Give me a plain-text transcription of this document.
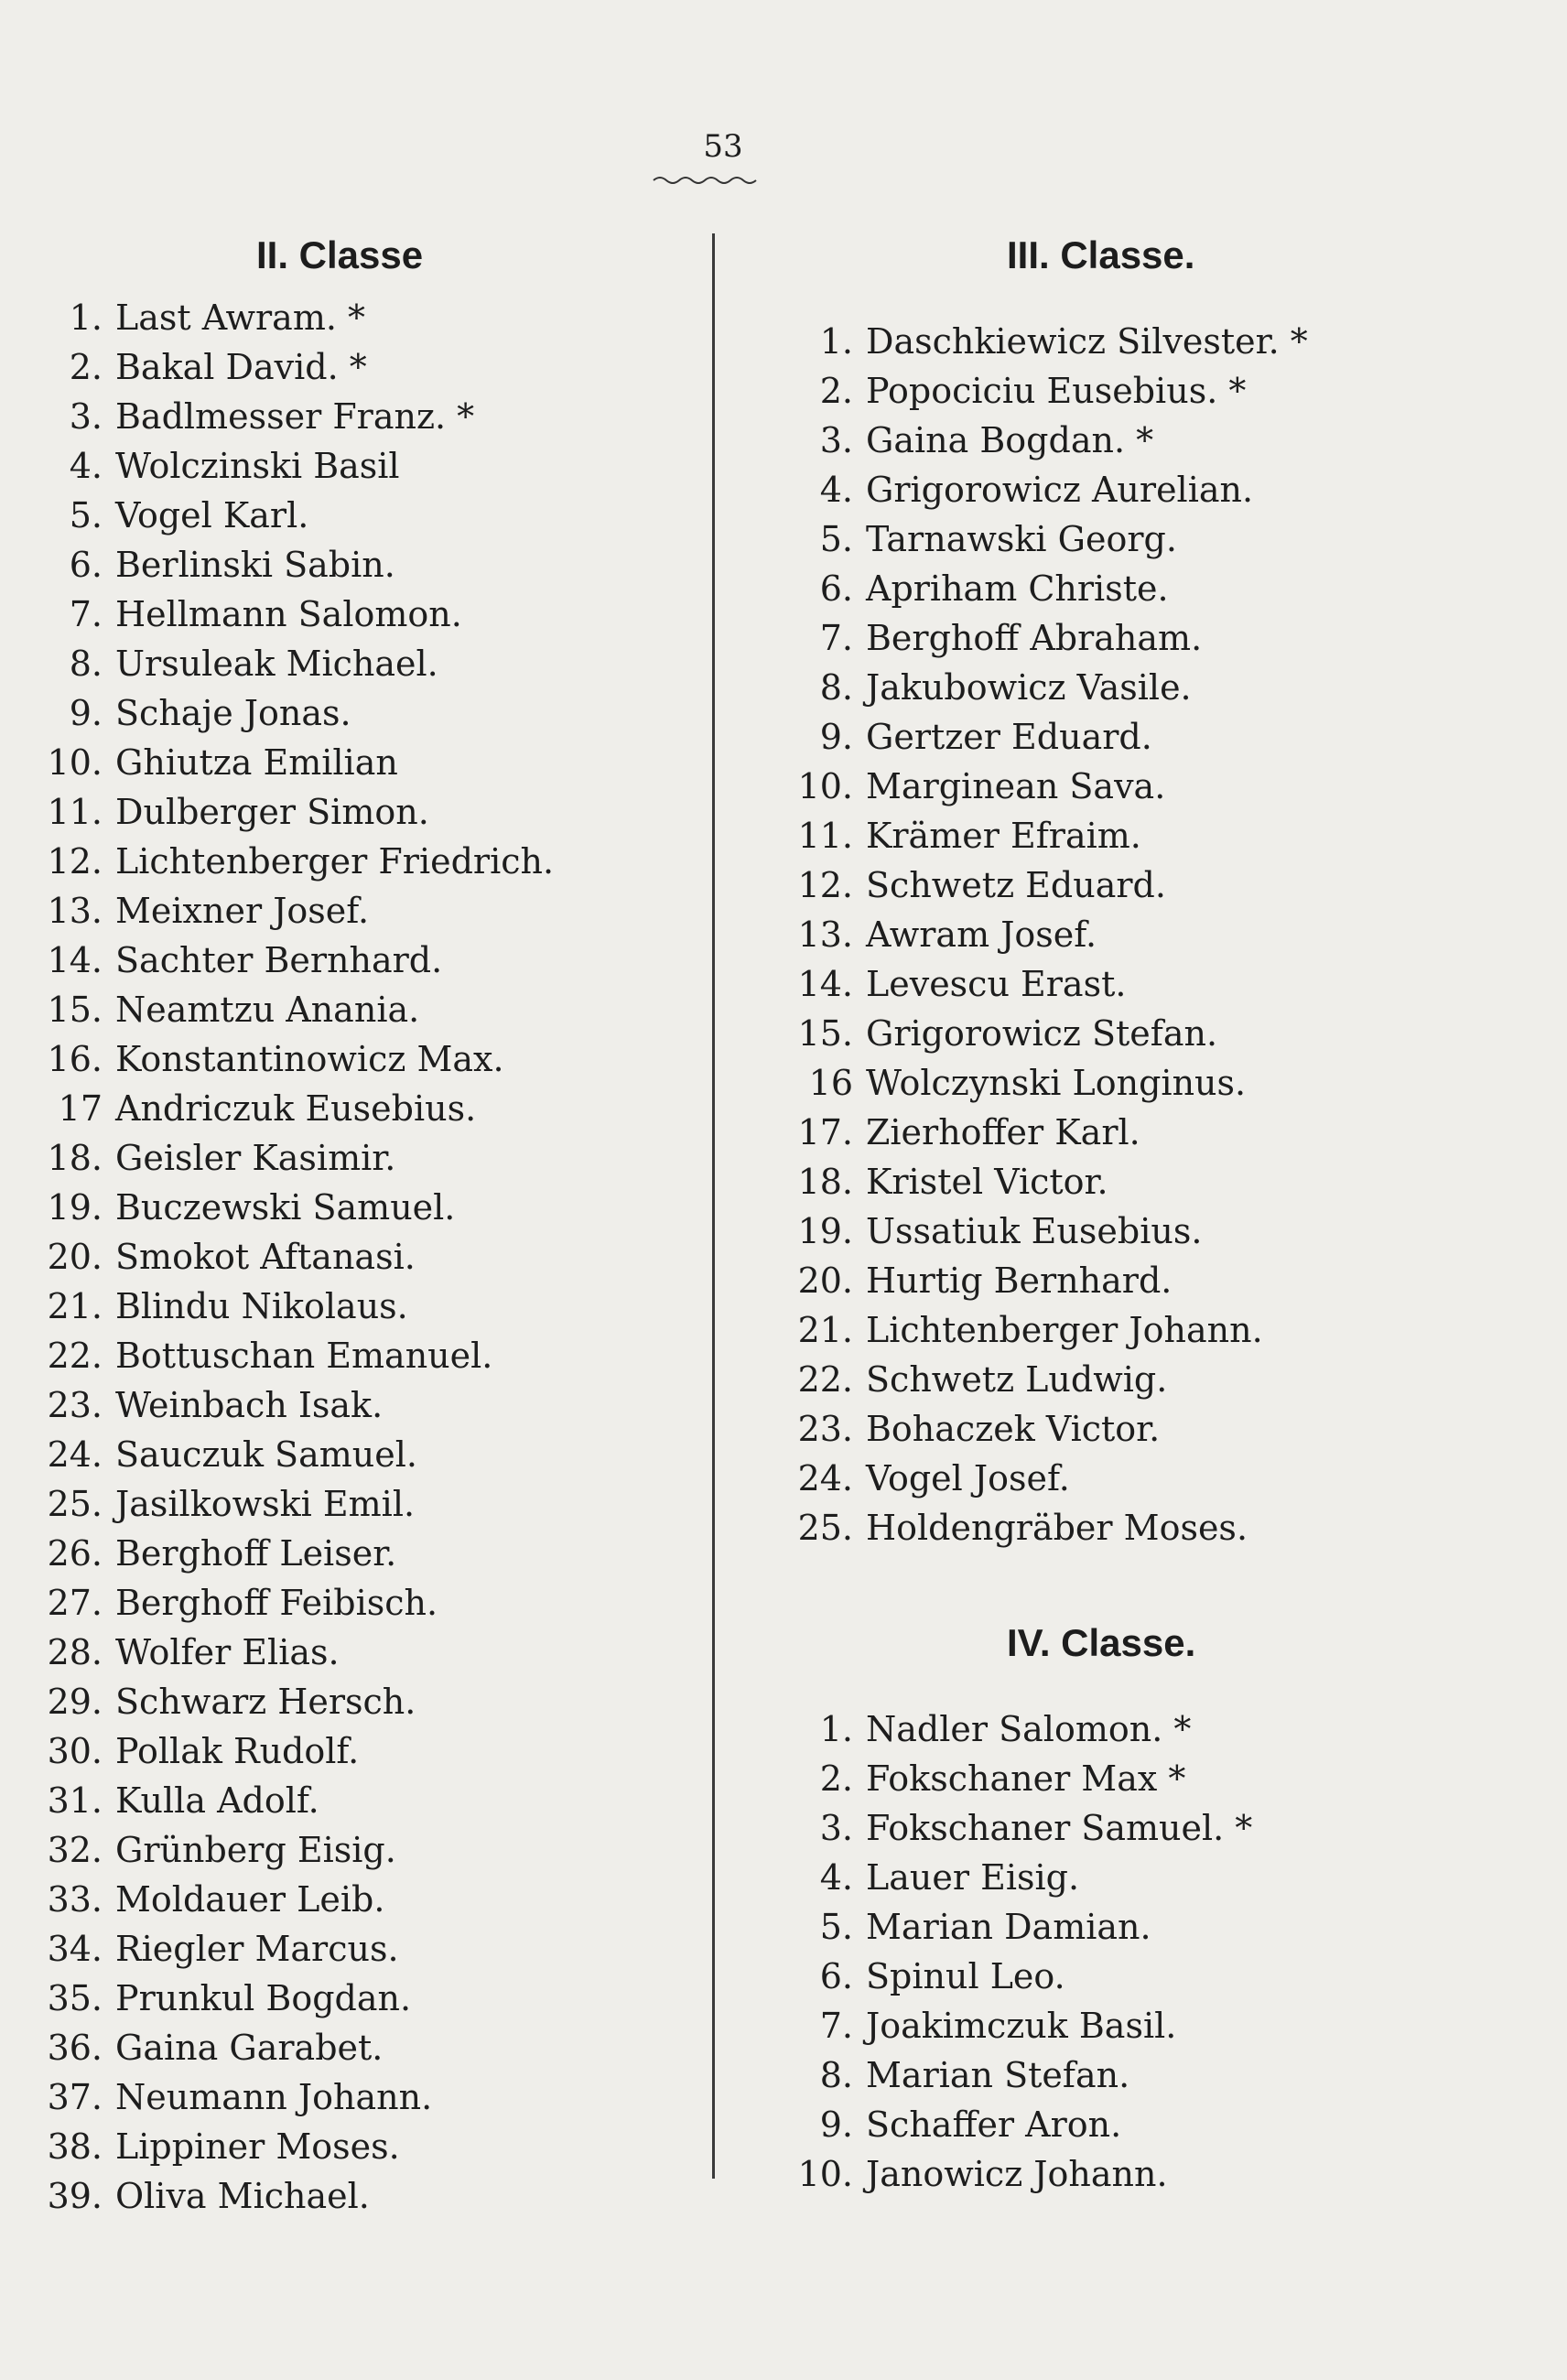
53
II. Classe
1. Last Awram. *
2. Bakal David. *
3. Badlmesser Franz. *
4. Wolczinski Basil
5. Vogel Karl.
6. Berlinski Sabin.
7. Hellmann Salomon.
8. Ursuleak Michael.
9. Schaje Jonas.
10. Ghiutza Emilian
11. Dulberger Simon.
12. Lichtenberger Friedrich.
13. Meixner Josef.
14. Sachter Bernhard.
15. Neamtzu Anania.
16. Konstantinowicz Max.
17 Andriczuk Eusebius.
18. Geisler Kasimir.
19. Buczewski Samuel.
20. Smokot Aftanasi.
21. Blindu Nikolaus.
22. Bottuschan Emanuel.
23. Weinbach Isak.
24. Sauczuk Samuel.
25. Jasilkowski Emil.
26. Berghoff Leiser.
27. Berghoff Feibisch.
28. Wolfer Elias.
29. Schwarz Hersch.
30. Pollak Rudolf.
31. Kulla Adolf.
32. Grünberg Eisig.
33. Moldauer Leib.
34. Riegler Marcus.
35. Prunkul Bogdan.
36. Gaina Garabet.
37. Neumann Johann.
38. Lippiner Moses.
39. Oliva Michael.
III. Classe.
1. Daschkiewicz Silvester. *
2. Popociciu Eusebius. *
3. Gaina Bogdan. *
4. Grigorowicz Aurelian.
5. Tarnawski Georg.
6. Apriham Christe.
7. Berghoff Abraham.
8. Jakubowicz Vasile.
9. Gertzer Eduard.
10. Marginean Sava.
11. Krämer Efraim.
12. Schwetz Eduard.
13. Awram Josef.
14. Levescu Erast.
15. Grigorowicz Stefan.
16 Wolczynski Longinus.
17. Zierhoffer Karl.
18. Kristel Victor.
19. Ussatiuk Eusebius.
20. Hurtig Bernhard.
21. Lichtenberger Johann.
22. Schwetz Ludwig.
23. Bohaczek Victor.
24. Vogel Josef.
25. Holdengräber Moses.
IV. Classe.
1. Nadler Salomon. *
2. Fokschaner Max *
3. Fokschaner Samuel. *
4. Lauer Eisig.
5. Marian Damian.
6. Spinul Leo.
7. Joakimczuk Basil.
8. Marian Stefan.
9. Schaffer Aron.
10. Janowicz Johann.
